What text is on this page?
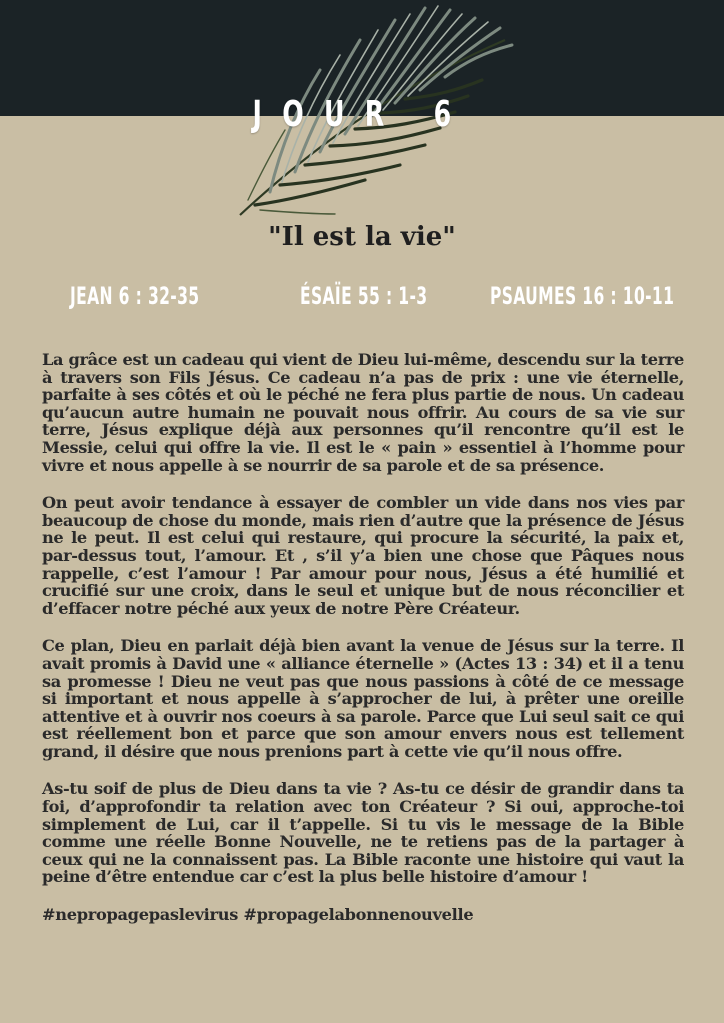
JOUR 6
"Il est la vie"
JEAN 6 : 32-35	ÉSAÏE 55 : 1-3	PSAUMES 16 : 10-11

La grâce est un cadeau qui vient de Dieu lui-même, descendu sur la terre à travers son Fils Jésus. Ce cadeau n’a pas de prix : une vie éternelle, parfaite à ses côtés et où le péché ne fera plus partie de nous. Un cadeau qu’aucun autre humain ne pouvait nous offrir. Au cours de sa vie sur terre, Jésus explique déjà aux personnes qu’il rencontre qu’il est le Messie, celui qui offre la vie. Il est le « pain » essentiel à l’homme pour vivre et nous appelle à se nourrir de sa parole et de sa présence.

On peut avoir tendance à essayer de combler un vide dans nos vies par beaucoup de chose du monde, mais rien d’autre que la présence de Jésus ne le peut. Il est celui qui restaure, qui procure la sécurité, la paix et, par-dessus tout, l’amour. Et , s’il y’a bien une chose que Pâques nous rappelle, c’est l’amour ! Par amour pour nous, Jésus a été humilié et crucifié sur une croix, dans le seul et unique but de nous réconcilier et d’effacer notre péché aux yeux de notre Père Créateur.

Ce plan, Dieu en parlait déjà bien avant la venue de Jésus sur la terre. Il avait promis à David une « alliance éternelle » (Actes 13 : 34) et il a tenu sa promesse ! Dieu ne veut pas que nous passions à côté de ce message si important et nous appelle à s’approcher de lui, à prêter une oreille attentive et à ouvrir nos coeurs à sa parole. Parce que Lui seul sait ce qui est réellement bon et parce que son amour envers nous est tellement grand, il désire que nous prenions part à cette vie qu’il nous offre.

As-tu soif de plus de Dieu dans ta vie ? As-tu ce désir de grandir dans ta foi, d’approfondir ta relation avec ton Créateur ? Si oui, approche-toi simplement de Lui, car il t’appelle. Si tu vis le message de la Bible comme une réelle Bonne Nouvelle, ne te retiens pas de la partager à ceux qui ne la connaissent pas. La Bible raconte une histoire qui vaut la peine d’être entendue car c’est la plus belle histoire d’amour !

#nepropagepaslevirus #propagelabonnenouvelle
